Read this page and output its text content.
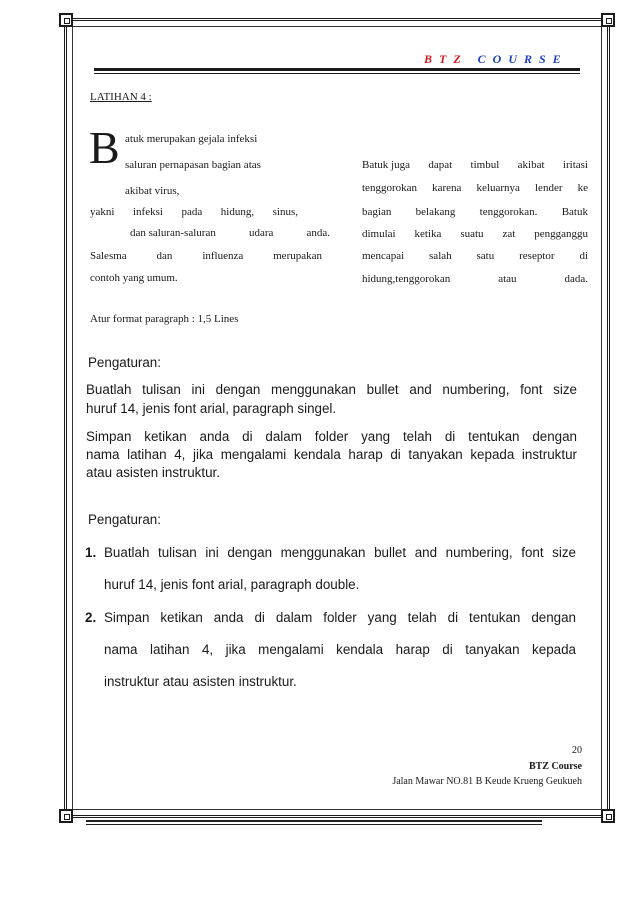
B T Z C O U R S E
LATIHAN 4 :
B atuk merupakan gejala infeksi
saluran pernapasan bagian atas
akibat virus,
yakni infeksi pada hidung, sinus,
dan saluran-saluran	udara	anda.
Salesma	dan	influenza	merupakan
contoh yang umum.
Batuk juga dapat timbul akibat iritasi
tenggorokan karena keluarnya lender ke
bagian belakang tenggorokan. Batuk
dimulai ketika suatu zat pengganggu
mencapai salah satu reseptor di
hidung,tenggorokan	atau	dada.
Atur format paragraph : 1,5 Lines
Pengaturan:
Buatlah tulisan ini dengan menggunakan bullet and numbering, font size
huruf 14, jenis font arial, paragraph singel.
Simpan ketikan anda di dalam folder yang telah di tentukan dengan
nama latihan 4, jika mengalami kendala harap di tanyakan kepada instruktur
atau asisten instruktur.
Pengaturan:
1. Buatlah tulisan ini dengan menggunakan bullet and numbering, font size
huruf 14, jenis font arial, paragraph double.
2. Simpan ketikan anda di dalam folder yang telah di tentukan dengan
nama latihan 4, jika mengalami kendala harap di tanyakan kepada
instruktur atau asisten instruktur.
20
BTZ Course
Jalan Mawar NO.81 B Keude Krueng Geukueh
